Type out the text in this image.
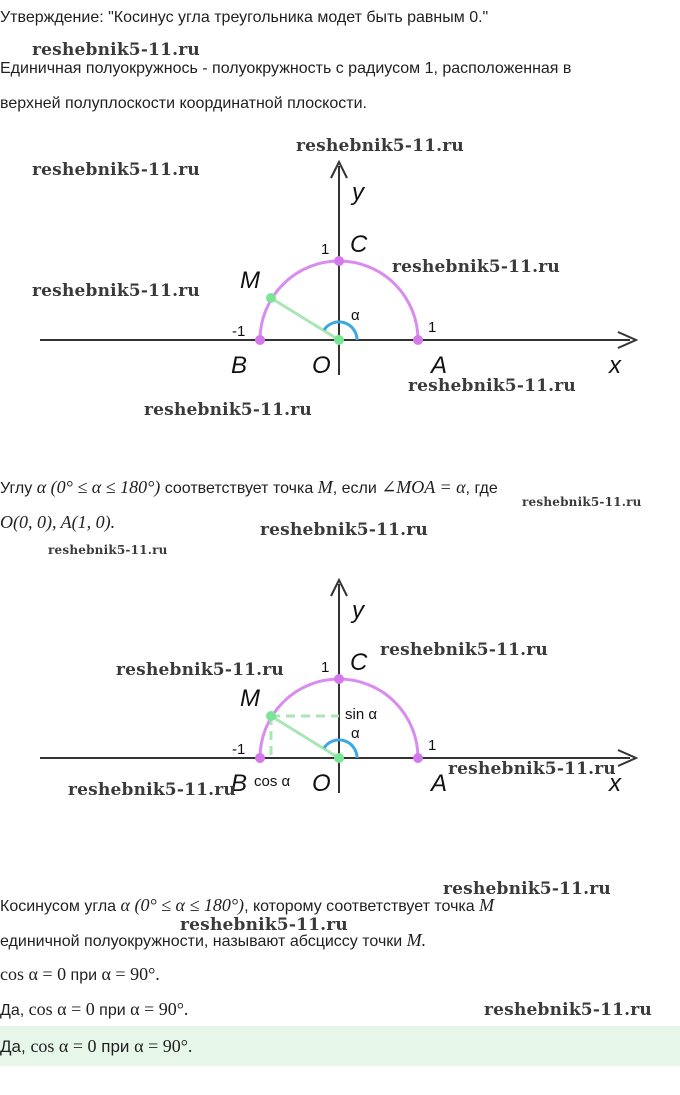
Утверждение: "Косинус угла треугольника модет быть равным 0."
Единичная полуокружнось - полуокружность с радиусом 1, расположенная в
верхней полуплоскости координатной плоскости.
y
C
1
M
α
-1	1
B	O	A	x
Углу α (0° ≤ α ≤ 180°) соответствует точка M, если ∠MOA = α, где
O(0, 0), A(1, 0).
y
C
1
M
sin α
α
-1	1
B cos α O	A	x
Косинусом угла α (0° ≤ α ≤ 180°), которому соответствует точка M
единичной полуокружности, называют абсциссу точки M.
cos α = 0 при α = 90°.
Да, cos α = 0 при α = 90°.
Да, cos α = 0 при α = 90°.
reshebnik5-11.ru
reshebnik5-11.ru
reshebnik5-11.ru
reshebnik5-11.ru
reshebnik5-11.ru
reshebnik5-11.ru
reshebnik5-11.ru
reshebnik5-11.ru
reshebnik5-11.ru
reshebnik5-11.ru
reshebnik5-11.ru
reshebnik5-11.ru
reshebnik5-11.ru
reshebnik5-11.ru
reshebnik5-11.ru
reshebnik5-11.ru
reshebnik5-11.ru
